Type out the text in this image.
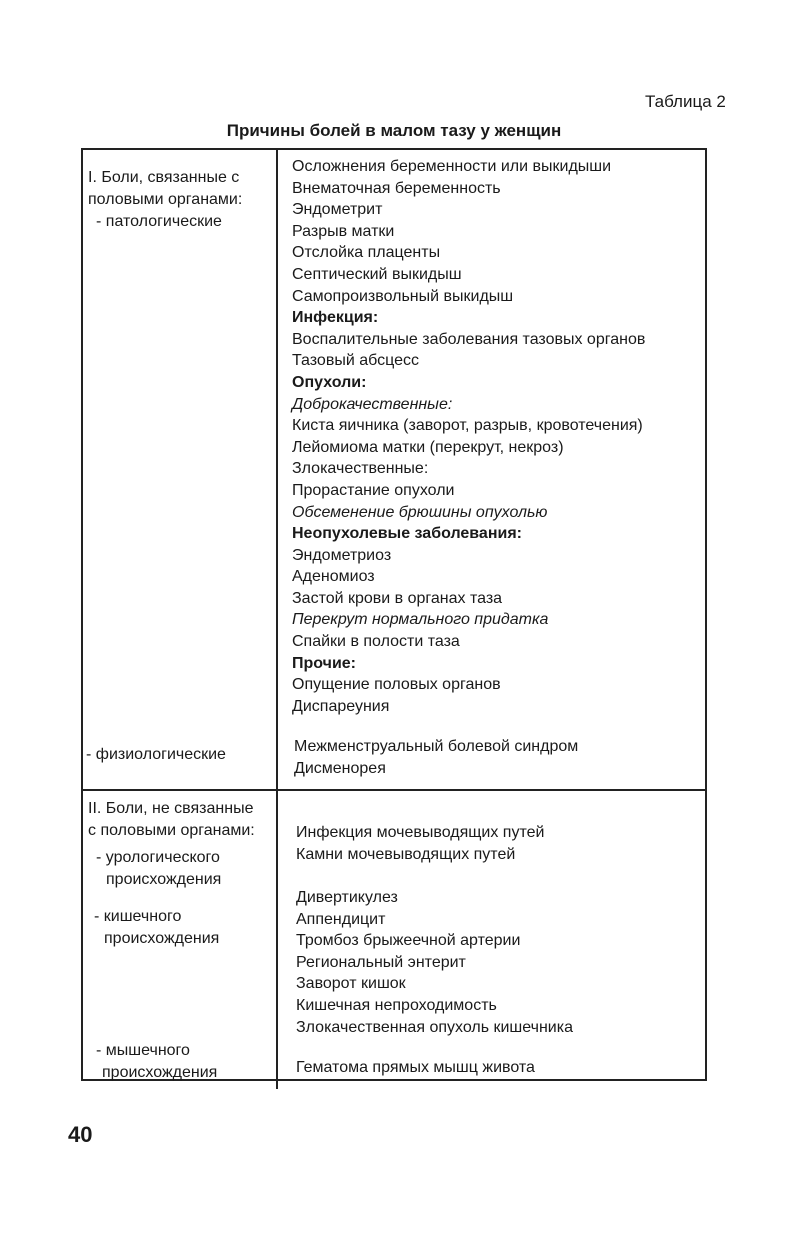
Таблица 2
Причины болей в малом тазу у женщин
I. Боли, связанные с
половыми органами:
- патологические
- физиологические
Осложнения беременности или выкидыши
Внематочная беременность
Эндометрит
Разрыв матки
Отслойка плаценты
Септический выкидыш
Самопроизвольный выкидыш
Инфекция:
Воспалительные заболевания тазовых органов
Тазовый абсцесс
Опухоли:
Доброкачественные:
Киста яичника (заворот, разрыв, кровотечения)
Лейомиома матки (перекрут, некроз)
Злокачественные:
Прорастание опухоли
Обсеменение брюшины опухолью
Неопухолевые заболевания:
Эндометриоз
Аденомиоз
Застой крови в органах таза
Перекрут нормального придатка
Спайки в полости таза
Прочие:
Опущение половых органов
Диспареуния
Межменструальный болевой синдром
Дисменорея
II. Боли, не связанные
с половыми органами:
- урологического
происхождения
- кишечного
происхождения
- мышечного
происхождения
Инфекция мочевыводящих путей
Камни мочевыводящих путей
Дивертикулез
Аппендицит
Тромбоз брыжеечной артерии
Региональный энтерит
Заворот кишок
Кишечная непроходимость
Злокачественная опухоль кишечника
Гематома прямых мышц живота
40
